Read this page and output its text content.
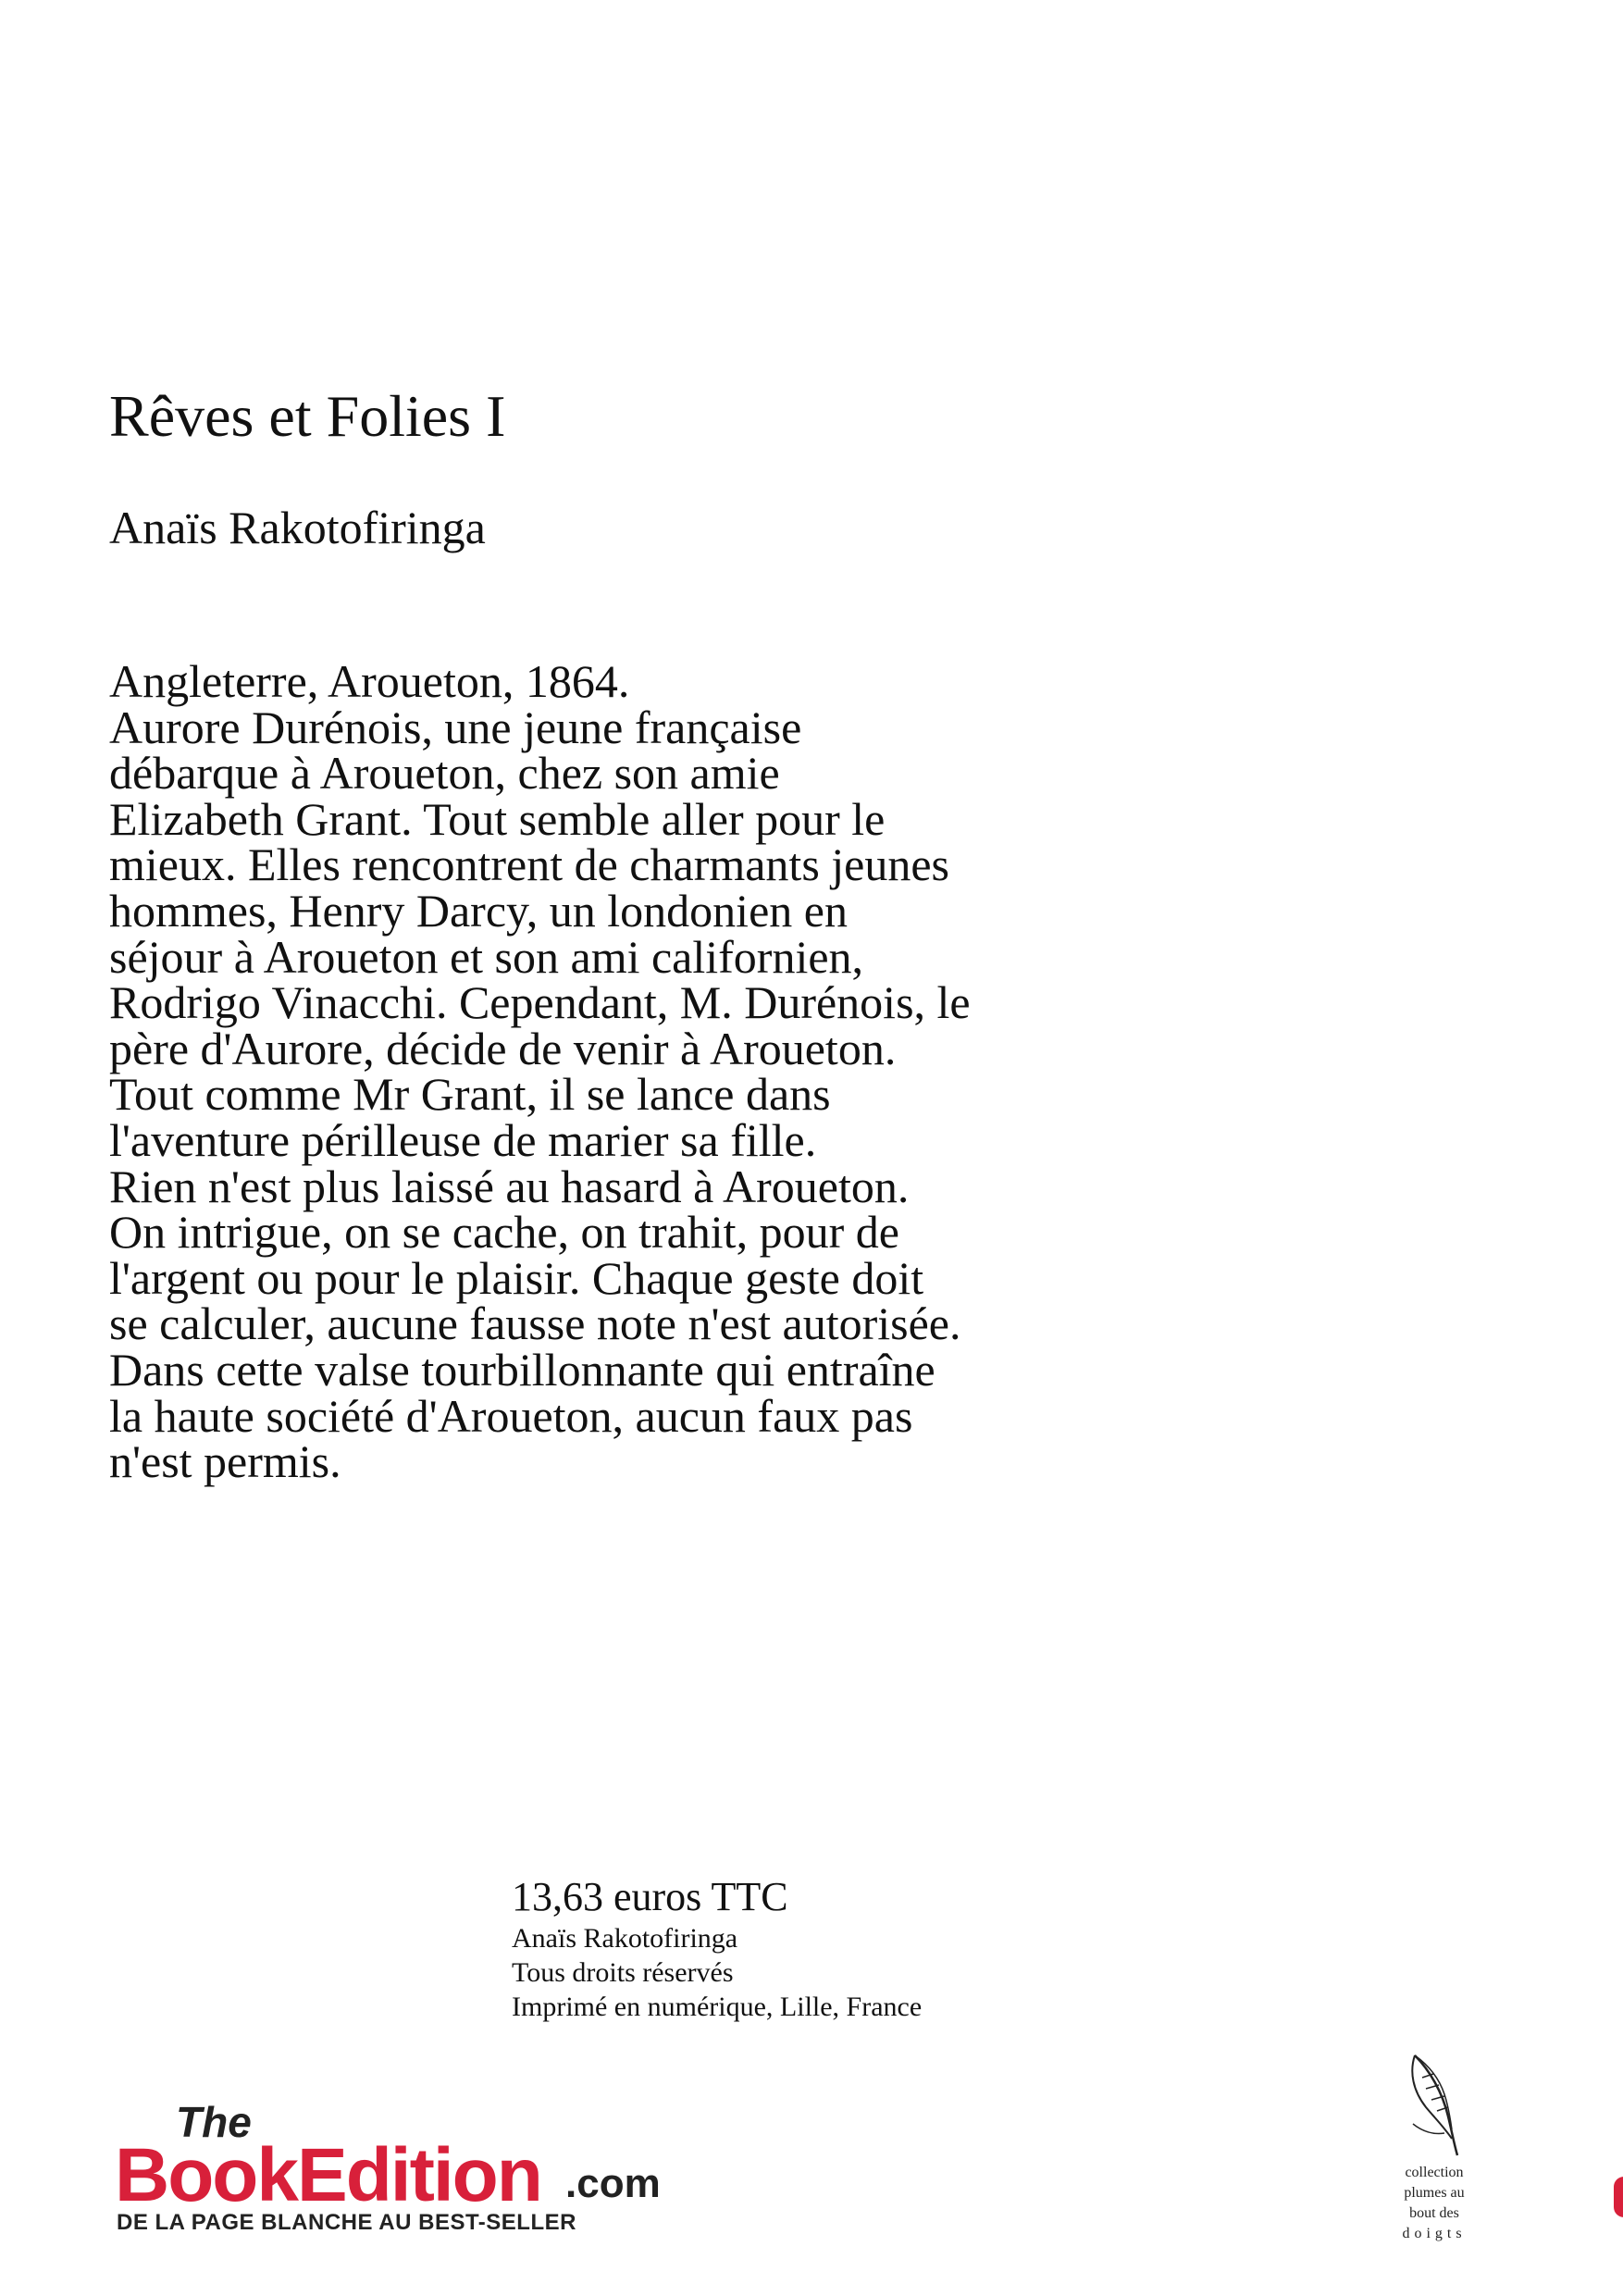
Rêves et Folies I
Anaïs Rakotofiringa
Angleterre, Aroueton, 1864.
Aurore Durénois, une jeune française
débarque à Aroueton, chez son amie
Elizabeth Grant. Tout semble aller pour le
mieux. Elles rencontrent de charmants jeunes
hommes, Henry Darcy, un londonien en
séjour à Aroueton et son ami californien,
Rodrigo Vinacchi. Cependant, M. Durénois, le
père d'Aurore, décide de venir à Aroueton.
Tout comme Mr Grant, il se lance dans
l'aventure périlleuse de marier sa fille.
Rien n'est plus laissé au hasard à Aroueton.
On intrigue, on se cache, on trahit, pour de
l'argent ou pour le plaisir. Chaque geste doit
se calculer, aucune fausse note n'est autorisée.
Dans cette valse tourbillonnante qui entraîne
la haute société d'Aroueton, aucun faux pas
n'est permis.
13,63 euros TTC
Anaïs Rakotofiringa
Tous droits réservés
Imprimé en numérique, Lille, France
The
BookEdition .com
DE LA PAGE BLANCHE AU BEST-SELLER
collection
plumes au
bout des
doigts
